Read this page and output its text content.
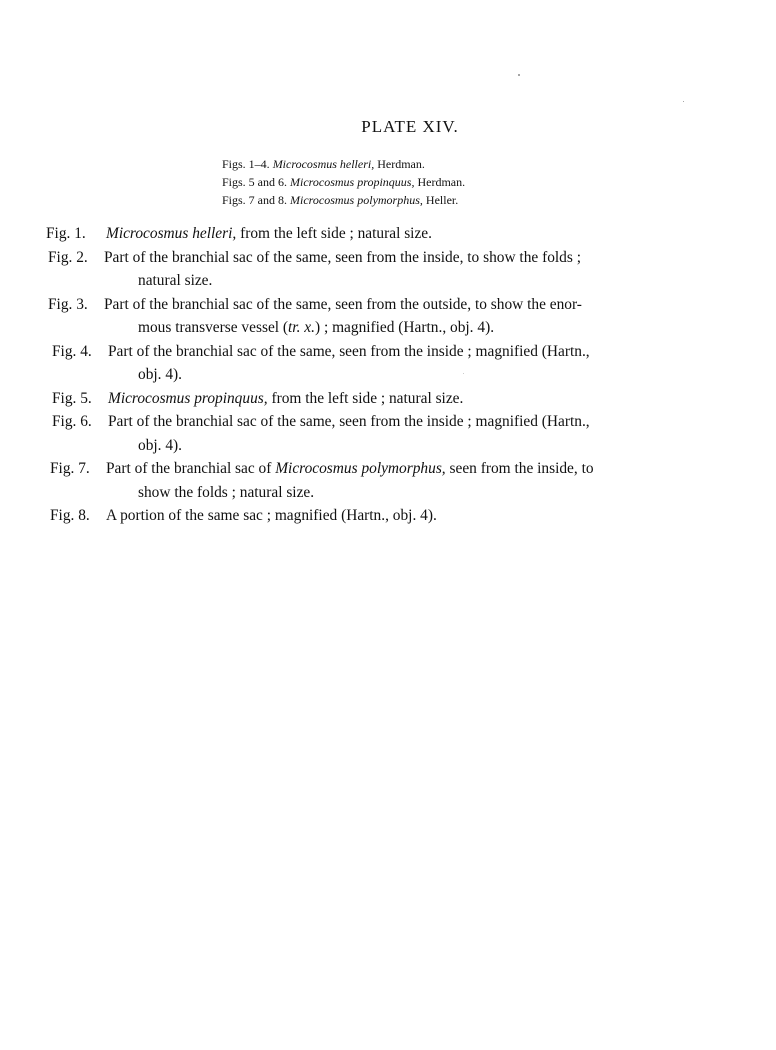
PLATE XIV.
Figs. 1–4. Microcosmus helleri, Herdman.
Figs. 5 and 6. Microcosmus propinquus, Herdman.
Figs. 7 and 8. Microcosmus polymorphus, Heller.
Fig. 1. Microcosmus helleri, from the left side ; natural size.
Fig. 2. Part of the branchial sac of the same, seen from the inside, to show the folds ;
natural size.
Fig. 3. Part of the branchial sac of the same, seen from the outside, to show the enor-
mous transverse vessel (tr. x.) ; magnified (Hartn., obj. 4).
Fig. 4. Part of the branchial sac of the same, seen from the inside ; magnified (Hartn.,
obj. 4).
Fig. 5. Microcosmus propinquus, from the left side ; natural size.
Fig. 6. Part of the branchial sac of the same, seen from the inside ; magnified (Hartn.,
obj. 4).
Fig. 7. Part of the branchial sac of Microcosmus polymorphus, seen from the inside, to
show the folds ; natural size.
Fig. 8. A portion of the same sac ; magnified (Hartn., obj. 4).
